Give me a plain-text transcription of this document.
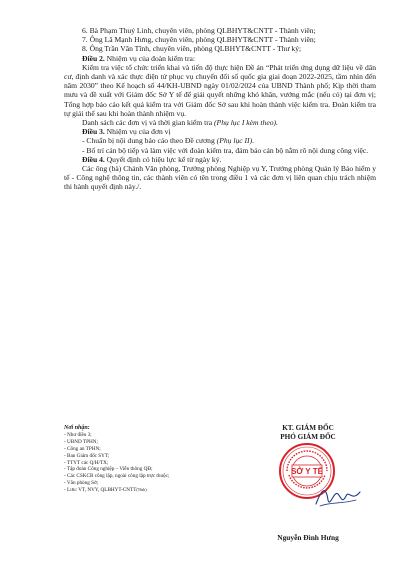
6. Bà Phạm Thuý Linh, chuyên viên, phòng QLBHYT&CNTT - Thành viên;
7. Ông Lã Mạnh Hưng, chuyên viên, phòng QLBHYT&CNTT - Thành viên;
8. Ông Trần Văn Tĩnh, chuyên viên, phòng QLBHYT&CNTT - Thư ký;
Điều 2. Nhiệm vụ của đoàn kiểm tra:
Kiểm tra việc tổ chức triển khai và tiến độ thực hiện Đề án “Phát triển ứng dụng dữ liệu về dân cư, định danh và xác thực điện tử phục vụ chuyển đổi số quốc gia giai đoạn 2022-2025, tầm nhìn đến năm 2030” theo Kế hoạch số 44/KH-UBND ngày 01/02/2024 của UBND Thành phố; Kịp thời tham mưu và đề xuất với Giám đốc Sở Y tế để giải quyết những khó khăn, vướng mắc (nếu có) tại đơn vị; Tổng hợp báo cáo kết quả kiểm tra với Giám đốc Sở sau khi hoàn thành việc kiểm tra. Đoàn kiểm tra tự giải thể sau khi hoàn thành nhiệm vụ.
Danh sách các đơn vị và thời gian kiểm tra (Phụ lục I kèm theo).
Điều 3. Nhiệm vụ của đơn vị
- Chuẩn bị nội dung báo cáo theo Đề cương (Phụ lục II).
- Bố trí cán bộ tiếp và làm việc với đoàn kiểm tra, đảm bảo cán bộ nắm rõ nội dung công việc.
Điều 4. Quyết định có hiệu lực kể từ ngày ký.
Các ông (bà) Chánh Văn phòng, Trưởng phòng Nghiệp vụ Y, Trưởng phòng Quản lý Bảo hiểm y tế - Công nghệ thông tin, các thành viên có tên trong điều 1 và các đơn vị liên quan chịu trách nhiệm thi hành quyết định này./.
Nơi nhận:
- Như điều 3;
- UBND TPHN;
- Công an TPHN;
- Ban Giám đốc SYT;
- TTYT các Q/H/TX;
- Tập đoàn Công nghiệp – Viễn thông QĐ;
- Các CSKCB công lập, ngoài công lập trực thuộc;
- Văn phòng Sở;
- Lưu: VT, NVY, QLBHYT-CNTT(Tĩnh).
KT. GIÁM ĐỐC
PHÓ GIÁM ĐỐC
SỞ Y TẾ
Nguyễn Đình Hưng
